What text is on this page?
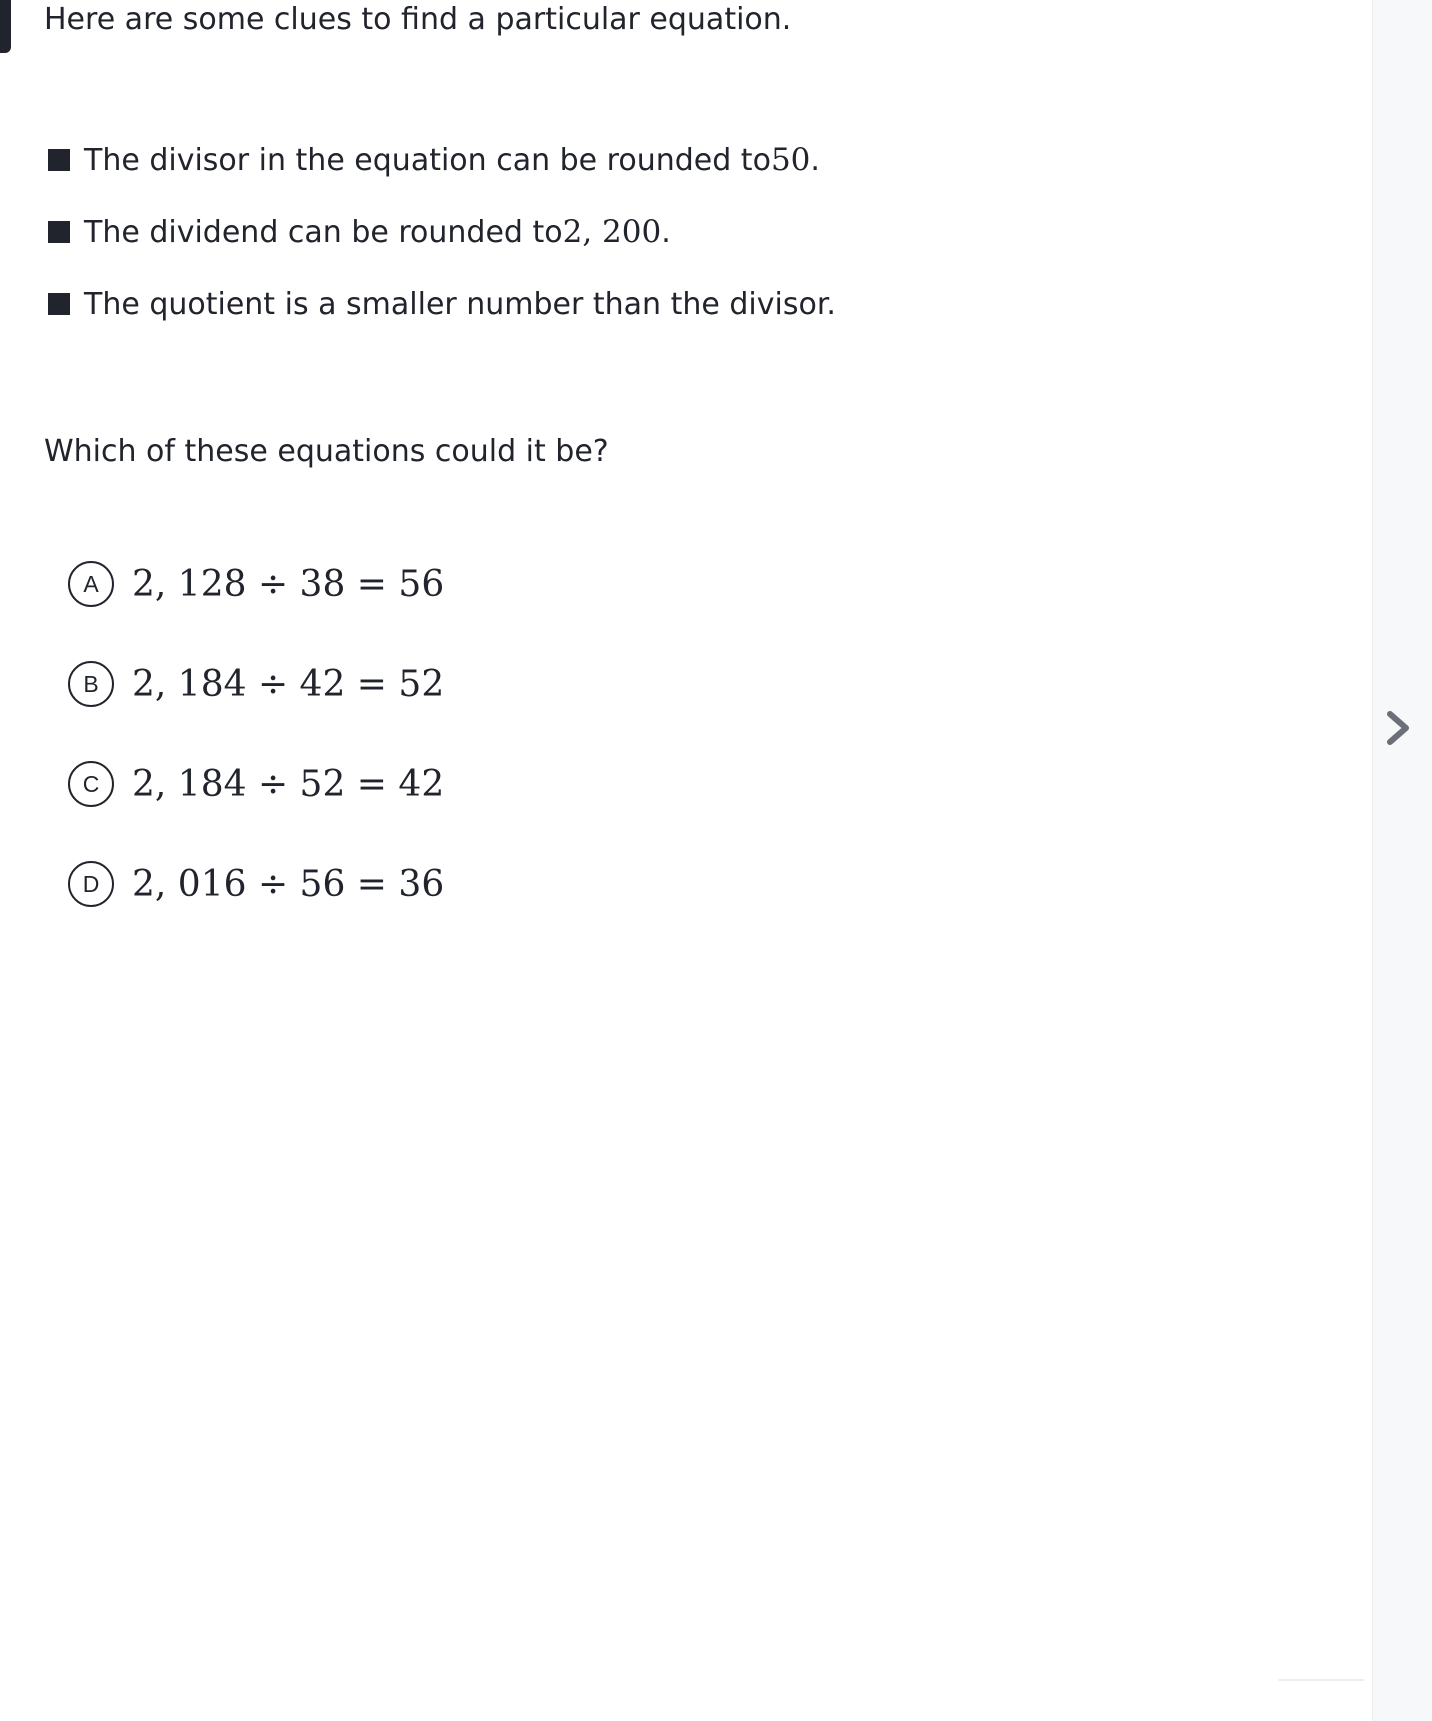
Here are some clues to find a particular equation.
The divisor in the equation can be rounded to 50 .
The dividend can be rounded to 2, 200 .
The quotient is a smaller number than the divisor.

Which of these equations could it be?

A 2, 128 ÷ 38 = 56
B 2, 184 ÷ 42 = 52
C 2, 184 ÷ 52 = 42
D 2, 016 ÷ 56 = 36
